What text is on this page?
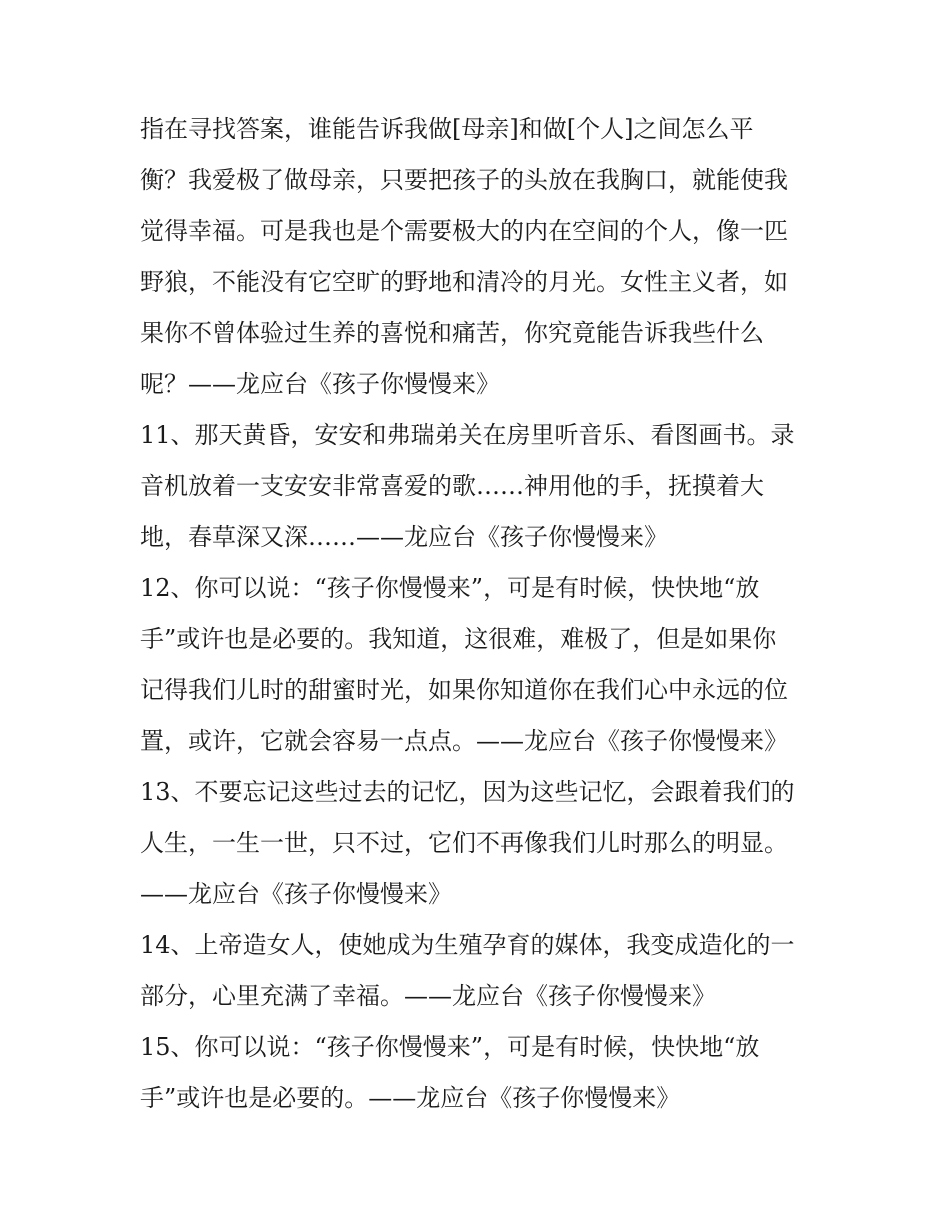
指在寻找答案，谁能告诉我做[母亲]和做[个人]之间怎么平
衡？我爱极了做母亲，只要把孩子的头放在我胸口，就能使我
觉得幸福。可是我也是个需要极大的内在空间的个人，像一匹
野狼，不能没有它空旷的野地和清冷的月光。女性主义者，如
果你不曾体验过生养的喜悦和痛苦，你究竟能告诉我些什么
呢？——龙应台《孩子你慢慢来》
11、那天黄昏，安安和弗瑞弟关在房里听音乐、看图画书。录
音机放着一支安安非常喜爱的歌……神用他的手，抚摸着大
地，春草深又深……——龙应台《孩子你慢慢来》
12、你可以说：“孩子你慢慢来”，可是有时候，快快地“放
手”或许也是必要的。我知道，这很难，难极了，但是如果你
记得我们儿时的甜蜜时光，如果你知道你在我们心中永远的位
置，或许，它就会容易一点点。——龙应台《孩子你慢慢来》
13、不要忘记这些过去的记忆，因为这些记忆，会跟着我们的
人生，一生一世，只不过，它们不再像我们儿时那么的明显。
——龙应台《孩子你慢慢来》
14、上帝造女人，使她成为生殖孕育的媒体，我变成造化的一
部分，心里充满了幸福。——龙应台《孩子你慢慢来》
15、你可以说：“孩子你慢慢来”，可是有时候，快快地“放
手”或许也是必要的。——龙应台《孩子你慢慢来》
